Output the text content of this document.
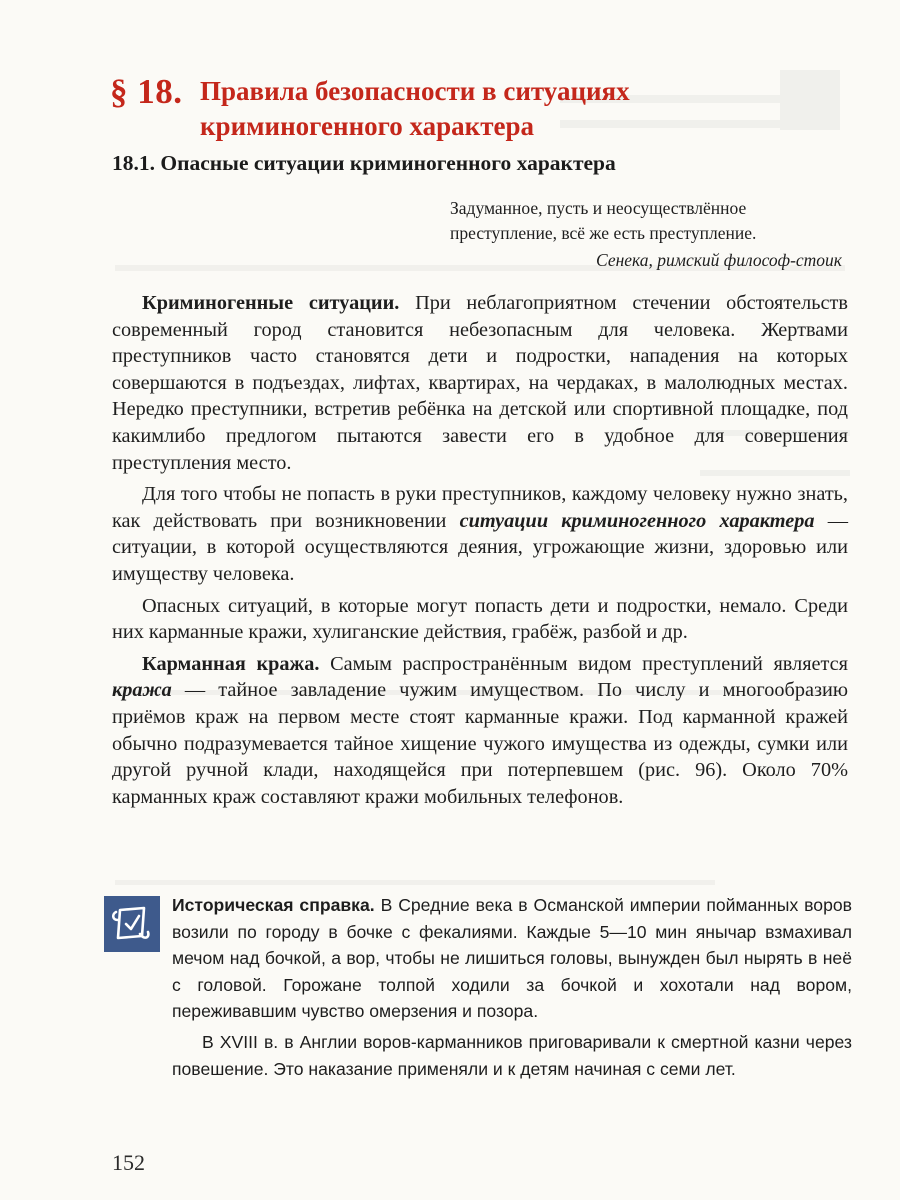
§ 18. Правила безопасности в ситуациях
криминогенного характера
18.1. Опасные ситуации криминогенного характера
Задуманное, пусть и неосуществлённое
преступление, всё же есть преступление.
Сенека, римский философ-стоик

Криминогенные ситуации. При неблагоприятном стечении обстоятельств современный город становится небезопасным для человека. Жертвами преступников часто становятся дети и подростки, нападения на которых совершаются в подъездах, лифтах, квартирах, на чердаках, в малолюдных местах. Нередко преступники, встретив ребёнка на детской или спортивной площадке, под какимлибо предлогом пытаются завести его в удобное для совершения преступления место.

Для того чтобы не попасть в руки преступников, каждому человеку нужно знать, как действовать при возникновении ситуации криминогенного характера — ситуации, в которой осуществляются деяния, угрожающие жизни, здоровью или имуществу человека.

Опасных ситуаций, в которые могут попасть дети и подростки, немало. Среди них карманные кражи, хулиганские действия, грабёж, разбой и др.

Карманная кража. Самым распространённым видом преступлений является кража — тайное завладение чужим имуществом. По числу и многообразию приёмов краж на первом месте стоят карманные кражи. Под карманной кражей обычно подразумевается тайное хищение чужого имущества из одежды, сумки или другой ручной клади, находящейся при потерпевшем (рис. 96). Около 70% карманных краж составляют кражи мобильных телефонов.

Историческая справка. В Средние века в Османской империи пойманных воров возили по городу в бочке с фекалиями. Каждые 5—10 мин янычар взмахивал мечом над бочкой, а вор, чтобы не лишиться головы, вынужден был нырять в неё с головой. Горожане толпой ходили за бочкой и хохотали над вором, переживавшим чувство омерзения и позора.

В XVIII в. в Англии воров-карманников приговаривали к смертной казни через повешение. Это наказание применяли и к детям начиная с семи лет.

152
